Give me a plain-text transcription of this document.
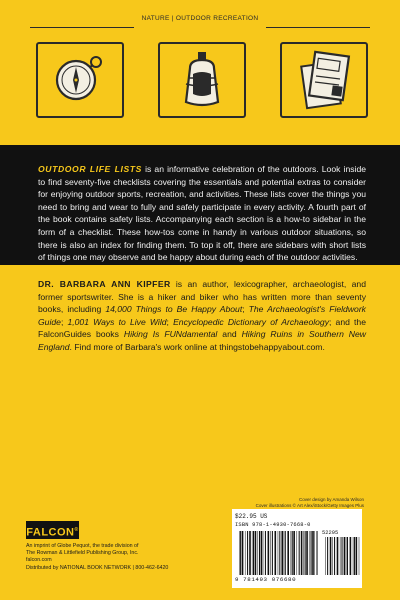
NATURE | OUTDOOR RECREATION
OUTDOOR LIFE LISTS is an informative celebration of the outdoors. Look inside to find seventy-five checklists covering the essentials and potential extras to consider for enjoying outdoor sports, recreation, and activities. These lists cover the things you need to bring and wear to fully and safely participate in every activity. A fourth part of the book contains safety lists. Accompanying each section is a how-to sidebar in the form of a checklist. These how-tos come in handy in various outdoor situations, so there is also an index for finding them. To top it off, there are sidebars with short lists of things one may observe and be happy about during each of the outdoor activities.
DR. BARBARA ANN KIPFER is an author, lexicographer, archaeologist, and former sportswriter. She is a hiker and biker who has written more than seventy books, including 14,000 Things to Be Happy About; The Archaeologist's Fieldwork Guide; 1,001 Ways to Live Wild; Encyclopedic Dictionary of Archaeology; and the FalconGuides books Hiking Is FUNdamental and Hiking Ruins in Southern New England. Find more of Barbara's work online at thingstobehappyabout.com.
Cover design by Amanda Wilson
Cover illustrations © Art Alex/iStock/Getty Images Plus
FALCON®
An imprint of Globe Pequot, the trade division of
The Rowman & Littlefield Publishing Group, Inc.
falcon.com
Distributed by NATIONAL BOOK NETWORK | 800-462-6420
$22.95 US
ISBN 978-1-4930-7668-0
52295
9 781493 076680
